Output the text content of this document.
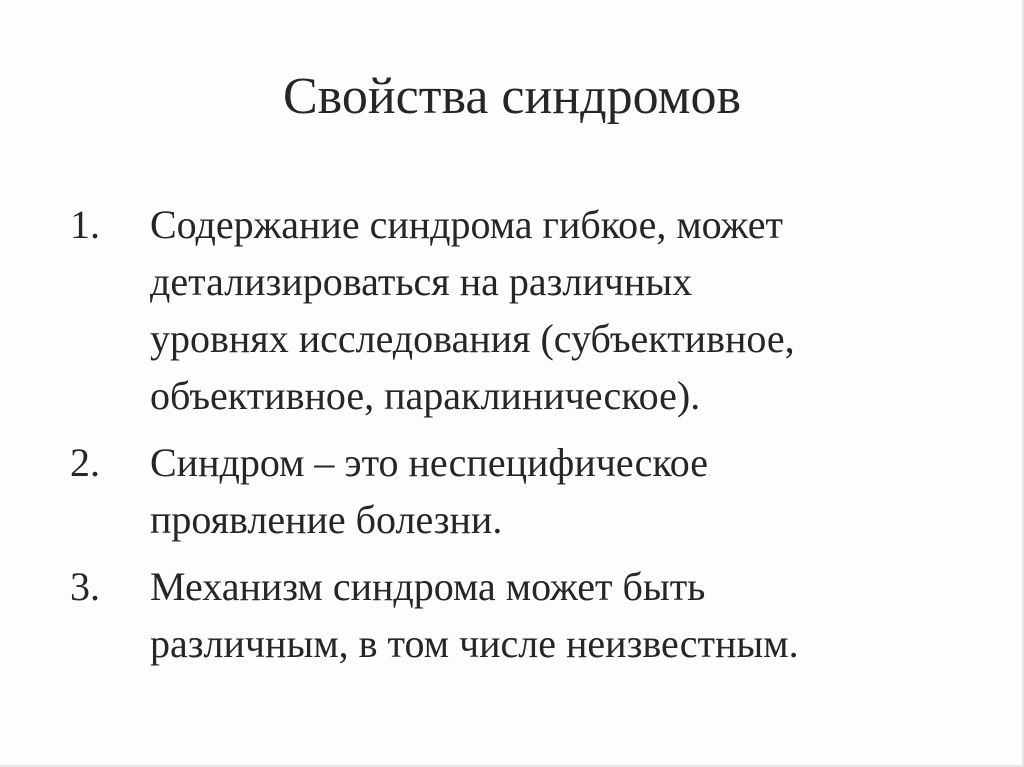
Свойства синдромов
1.	Содержание синдрома гибкое, может
детализироваться на различных
уровнях исследования (субъективное,
объективное, параклиническое).
2.	Синдром – это неспецифическое
проявление болезни.
3.	Механизм синдрома может быть
различным, в том числе неизвестным.
